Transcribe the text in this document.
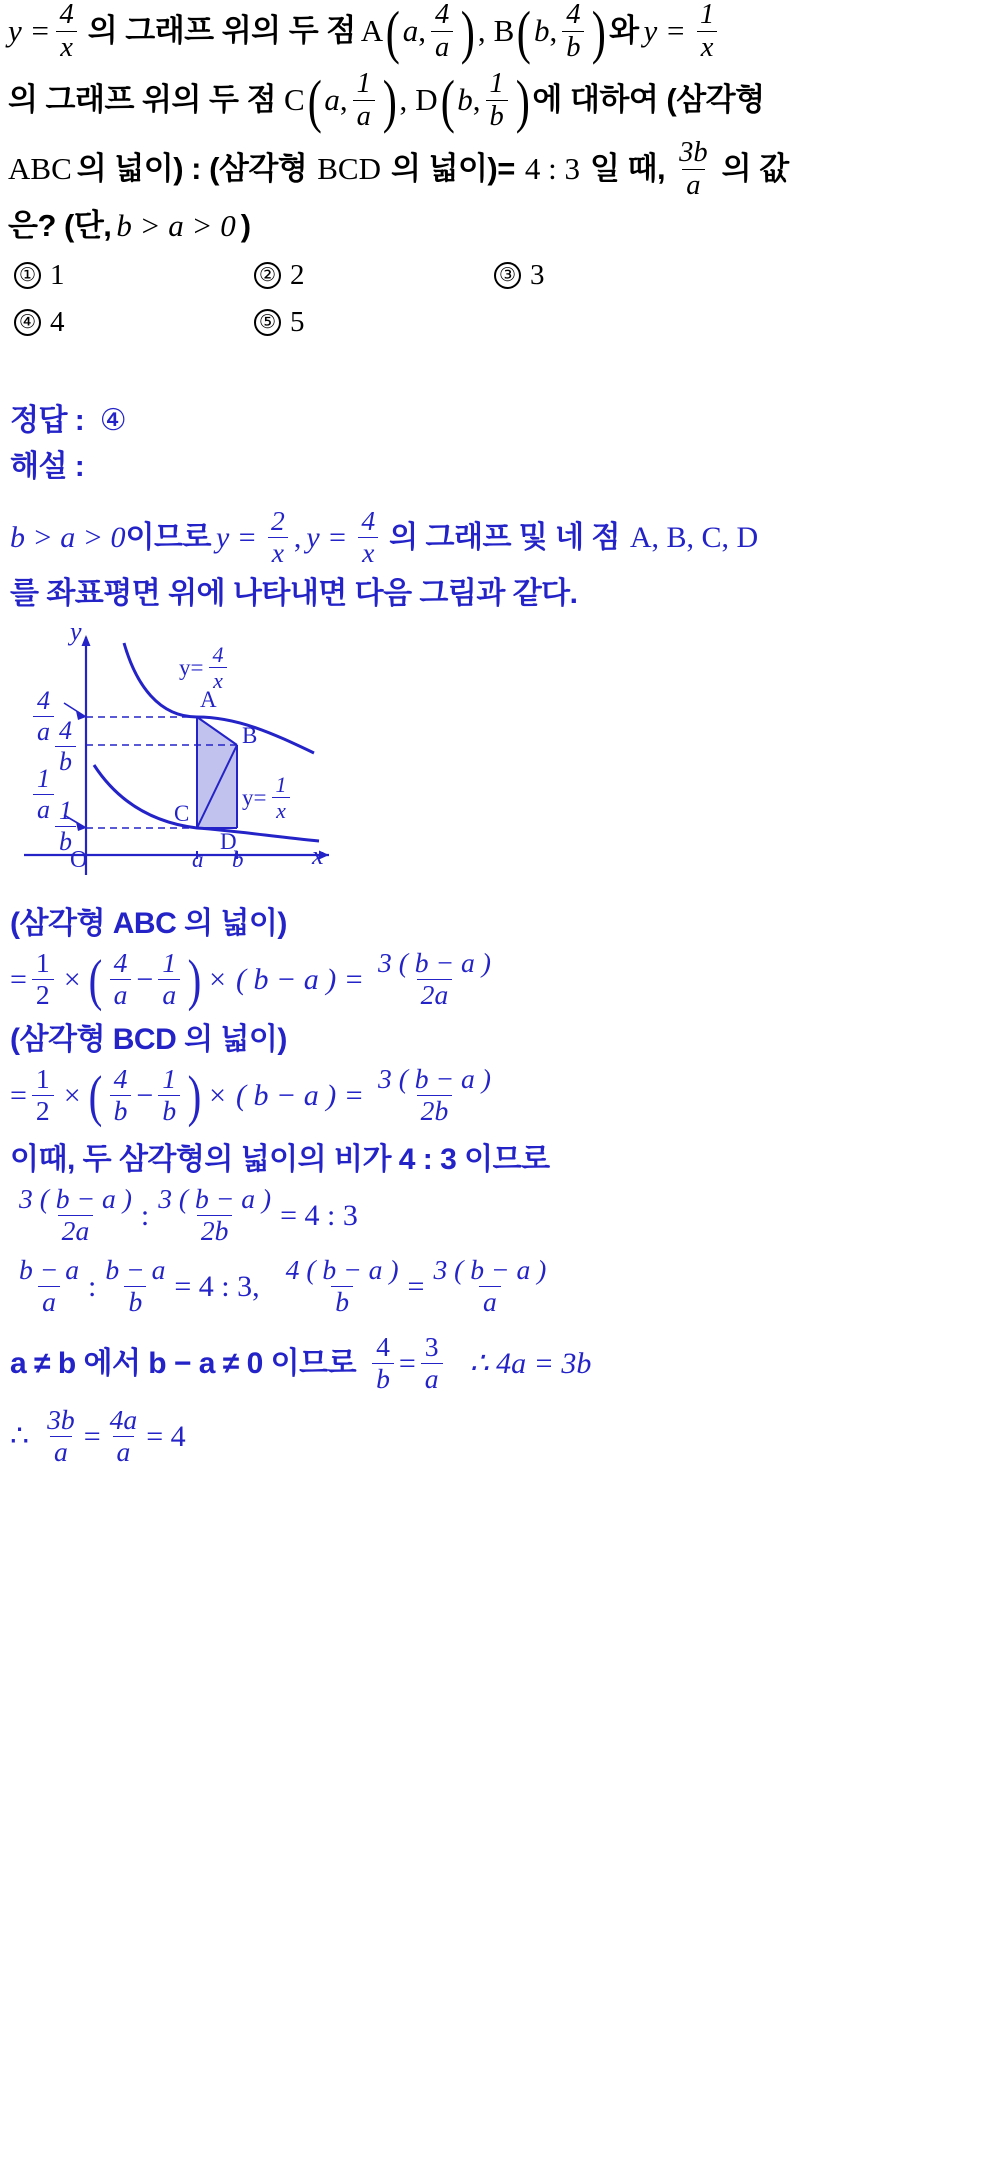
$y = \frac{4}{x}$ 의 그래프 위의 두 점 A ( a , $\frac{4}{a}$ ) , B ( b , $\frac{4}{b}$ ) 와 $y = \frac{1}{x}$
의 그래프 위의 두 점 C ( a , $\frac{1}{a}$ ) , D ( b , $\frac{1}{b}$ ) 에 대하여 (삼각형
ABC 의 넓이) : (삼각형 BCD 의 넓이)= 4 : 3 일 때, $\frac{3b}{a}$ 의 값
은? (단, b > a > 0 )
① 1	② 2	③ 3
④ 4	⑤ 5
정답 : ④
해설 :
b > a > 0 이므로 $y = \frac{2}{x}$ , $y = \frac{4}{x}$ 의 그래프 및 네 점 A, B, C, D
를 좌표평면 위에 나타내면 다음 그림과 같다.
y
x
O
$y= \frac{4}{x}$
$y= \frac{1}{x}$
A
B
C
D
a b
$\frac{4}{a}$
$\frac{4}{b}$
$\frac{1}{a}$
$\frac{1}{b}$
(삼각형 ABC 의 넓이)
= $\frac{1}{2}$ × ( $\frac{4}{a} - \frac{1}{a}$ ) × ( b − a ) = $\frac{3 ( b - a )}{2a}$
(삼각형 BCD 의 넓이)
= $\frac{1}{2}$ × ( $\frac{4}{b} - \frac{1}{b}$ ) × ( b − a ) = $\frac{3 ( b - a )}{2b}$
이때, 두 삼각형의 넓이의 비가 4 : 3 이므로
$\frac{3 ( b - a )}{2a}$ : $\frac{3 ( b - a )}{2b} = 4$ : 3
$\frac{b - a}{a}$ : $\frac{b - a}{b} = 4$ : 3, $\frac{4 ( b - a )}{b} = \frac{3 ( b - a )}{a}$
a ≠ b 에서 b − a ≠ 0 이므로 $\frac{4}{b} = \frac{3}{a}$ ∴ 4a = 3b
∴ $\frac{3b}{a} = \frac{4a}{a} = 4$
